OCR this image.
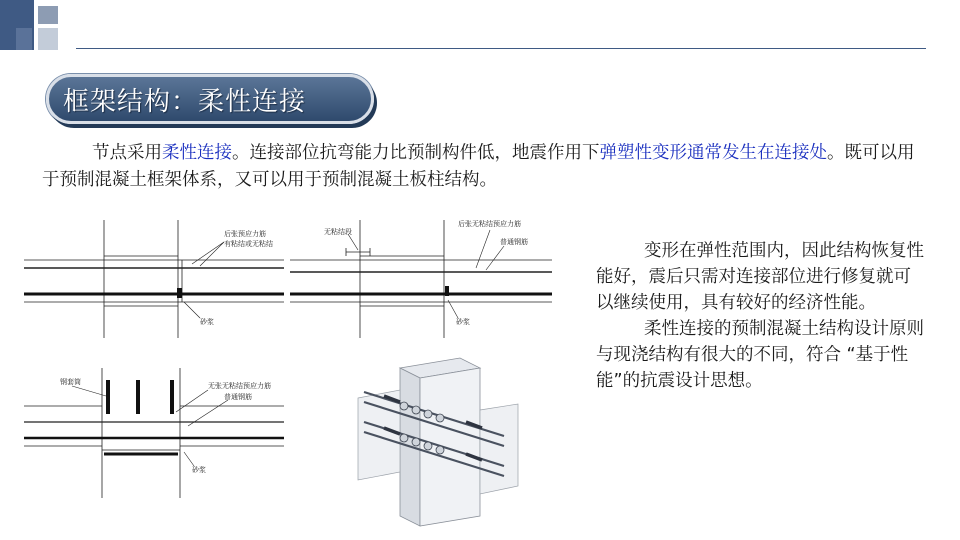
框架结构：柔性连接
节点采用柔性连接。连接部位抗弯能力比预制构件低，地震作用下弹塑性变形通常发生在连接处。既可以用于预制混凝土框架体系，又可以用于预制混凝土板柱结构。
后张预应力筋
有粘结或无粘结
砂浆
无粘结段
后张无粘结预应力筋
普通钢筋
砂浆
钢套筒	无张无粘结预应力筋
普通钢筋
砂浆

变形在弹性范围内，因此结构恢复性能好，震后只需对连接部位进行修复就可以继续使用，具有较好的经济性能。

柔性连接的预制混凝土结构设计原则与现浇结构有很大的不同，符合 “基于性能”的抗震设计思想。
